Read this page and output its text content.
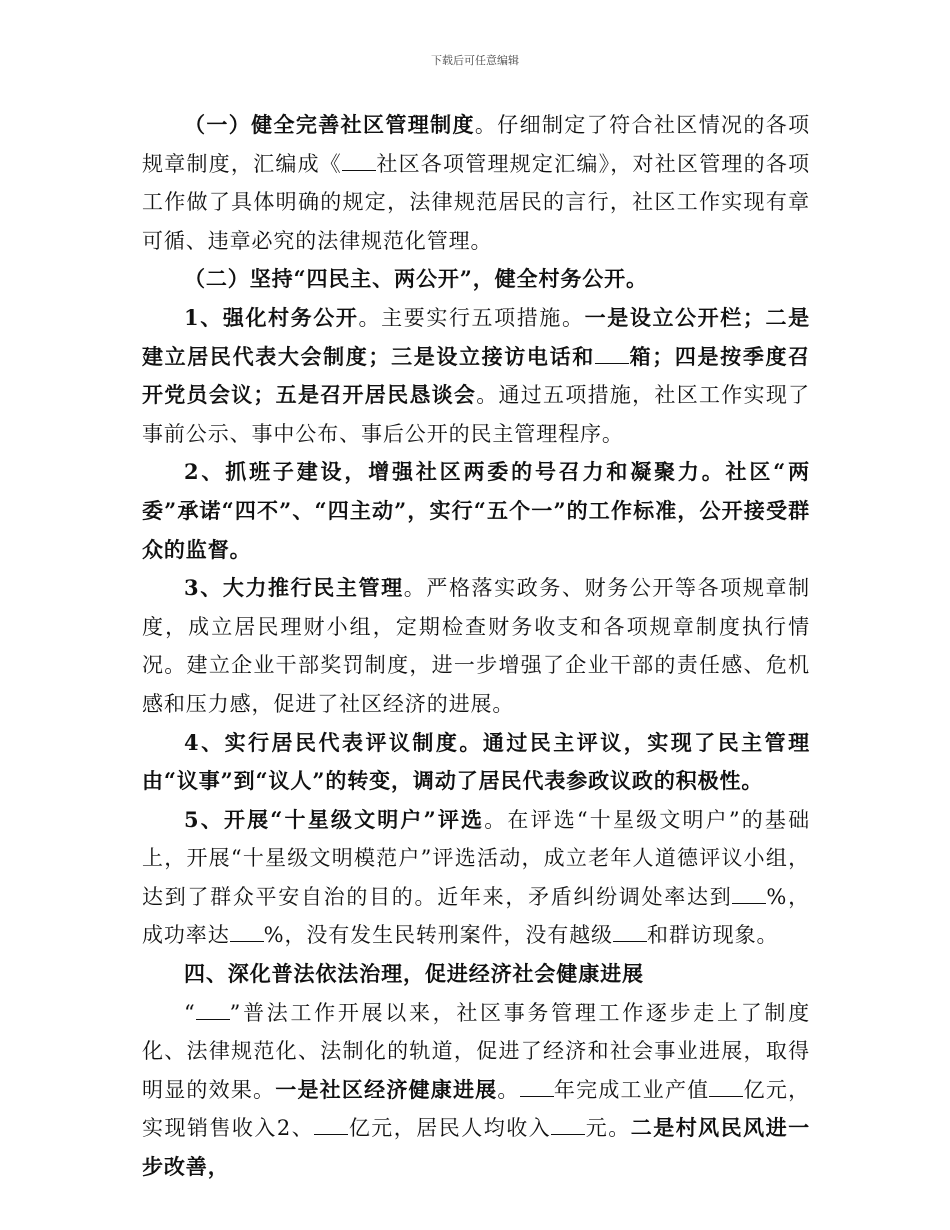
下载后可任意编辑

（一）健全完善社区管理制度。仔细制定了符合社区情况的各项规章制度，汇编成《 社区各项管理规定汇编》，对社区管理的各项工作做了具体明确的规定，法律规范居民的言行，社区工作实现有章可循、违章必究的法律规范化管理。

（二）坚持“四民主、两公开”，健全村务公开。

1、强化村务公开。主要实行五项措施。一是设立公开栏；二是建立居民代表大会制度；三是设立接访电话和 箱；四是按季度召开党员会议；五是召开居民恳谈会。通过五项措施，社区工作实现了事前公示、事中公布、事后公开的民主管理程序。

2、抓班子建设，增强社区两委的号召力和凝聚力。社区“两委”承诺“四不”、“四主动”，实行“五个一”的工作标准，公开接受群众的监督。

3、大力推行民主管理。严格落实政务、财务公开等各项规章制度，成立居民理财小组，定期检查财务收支和各项规章制度执行情况。建立企业干部奖罚制度，进一步增强了企业干部的责任感、危机感和压力感，促进了社区经济的进展。

4、实行居民代表评议制度。通过民主评议，实现了民主管理由“议事”到“议人”的转变，调动了居民代表参政议政的积极性。

5、开展“十星级文明户”评选。在评选“十星级文明户”的基础上，开展“十星级文明模范户”评选活动，成立老年人道德评议小组，达到了群众平安自治的目的。近年来，矛盾纠纷调处率达到 %，成功率达 %，没有发生民转刑案件，没有越级 和群访现象。

四、深化普法依法治理，促进经济社会健康进展

“ ”普法工作开展以来，社区事务管理工作逐步走上了制度化、法律规范化、法制化的轨道，促进了经济和社会事业进展，取得明显的效果。一是社区经济健康进展。 年完成工业产值 亿元，实现销售收入2、 亿元，居民人均收入 元。二是村风民风进一步改善，
